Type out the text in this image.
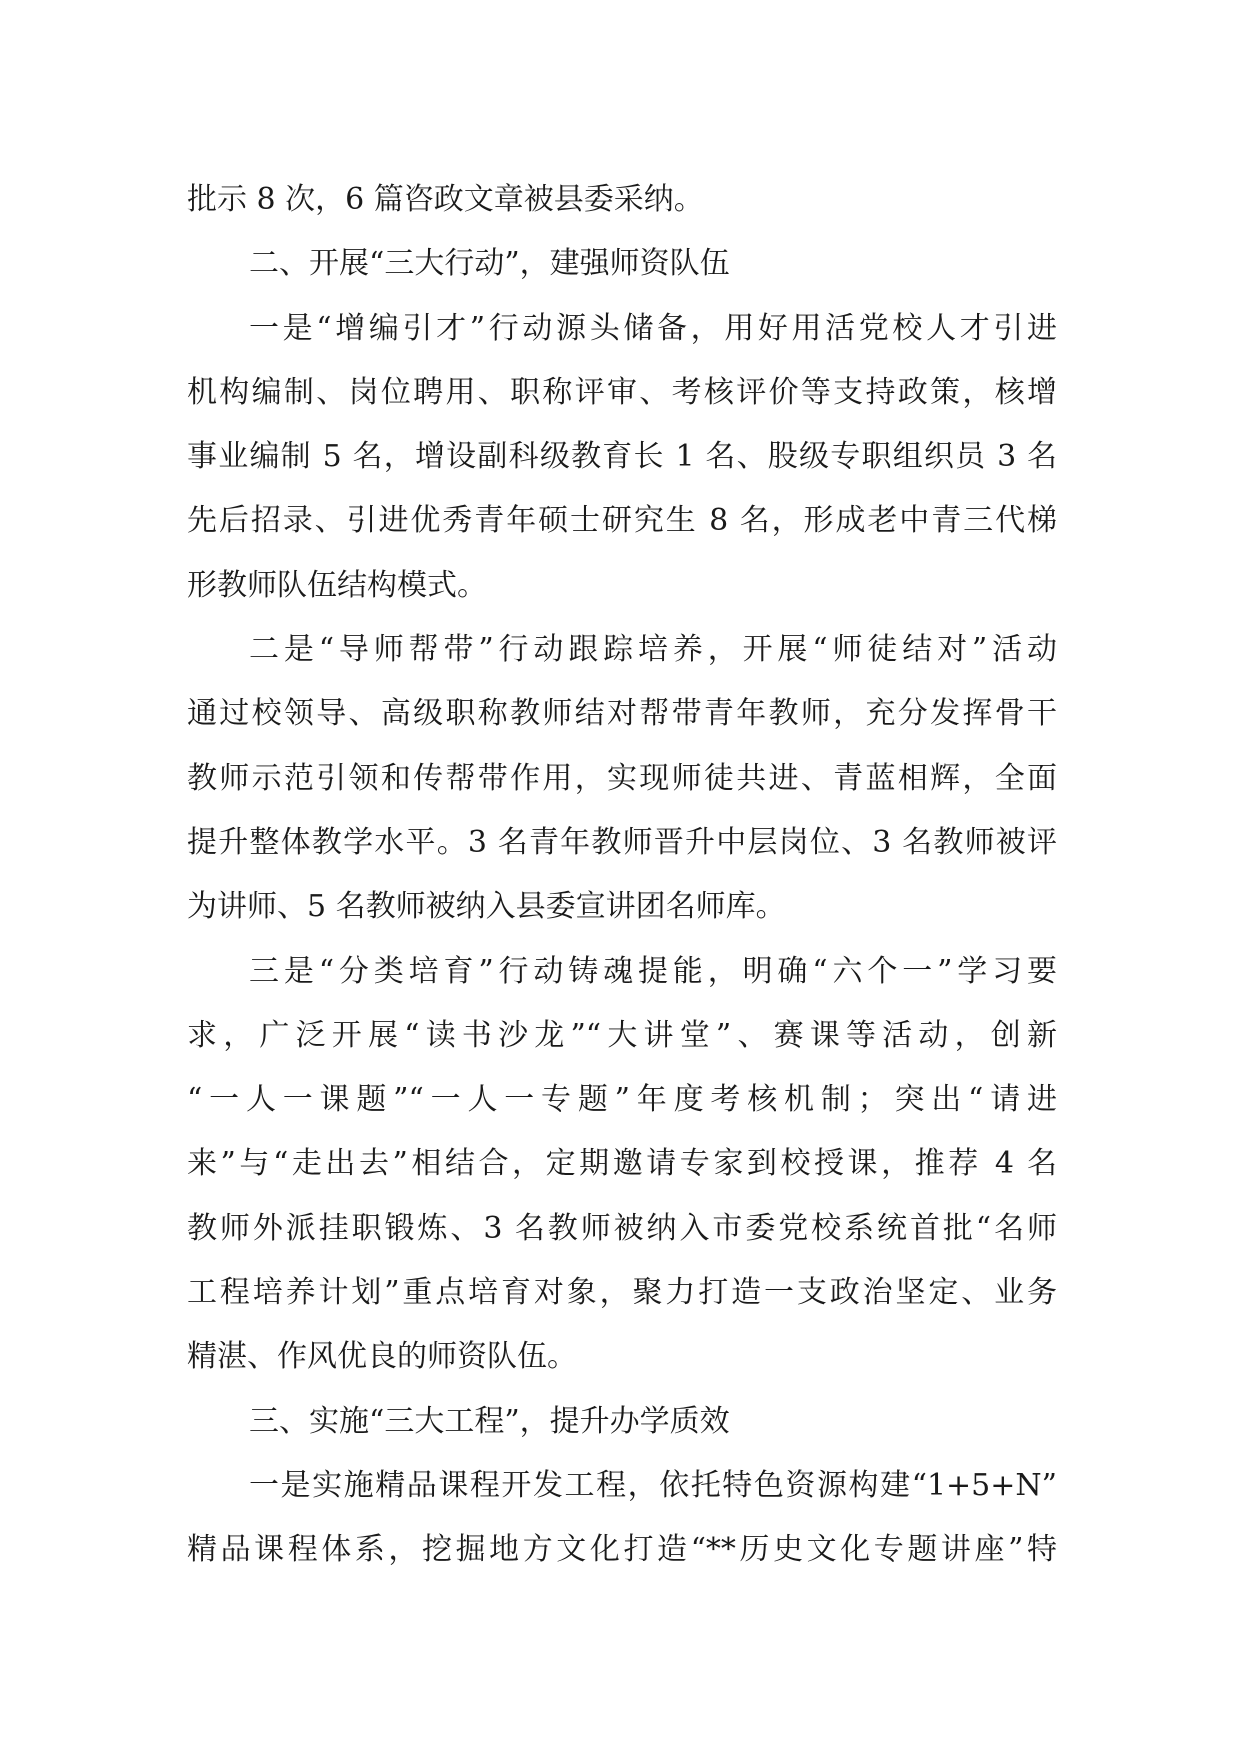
批示 8 次，6 篇咨政文章被县委采纳。
二、开展“三大行动”，建强师资队伍
一是“增编引才”行动源头储备，用好用活党校人才引进
机构编制、岗位聘用、职称评审、考核评价等支持政策，核增
事业编制 5 名，增设副科级教育长 1 名、股级专职组织员 3 名
先后招录、引进优秀青年硕士研究生 8 名，形成老中青三代梯
形教师队伍结构模式。
二是“导师帮带”行动跟踪培养，开展“师徒结对”活动
通过校领导、高级职称教师结对帮带青年教师，充分发挥骨干
教师示范引领和传帮带作用，实现师徒共进、青蓝相辉，全面
提升整体教学水平。3 名青年教师晋升中层岗位、3 名教师被评
为讲师、5 名教师被纳入县委宣讲团名师库。
三是“分类培育”行动铸魂提能，明确“六个一”学习要
求，广泛开展“读书沙龙”“大讲堂”、赛课等活动，创新
“一人一课题”“一人一专题”年度考核机制；突出“请进
来”与“走出去”相结合，定期邀请专家到校授课，推荐 4 名
教师外派挂职锻炼、3 名教师被纳入市委党校系统首批“名师
工程培养计划”重点培育对象，聚力打造一支政治坚定、业务
精湛、作风优良的师资队伍。
三、实施“三大工程”，提升办学质效
一是实施精品课程开发工程，依托特色资源构建“1+5+N”
精品课程体系，挖掘地方文化打造“**历史文化专题讲座”特
